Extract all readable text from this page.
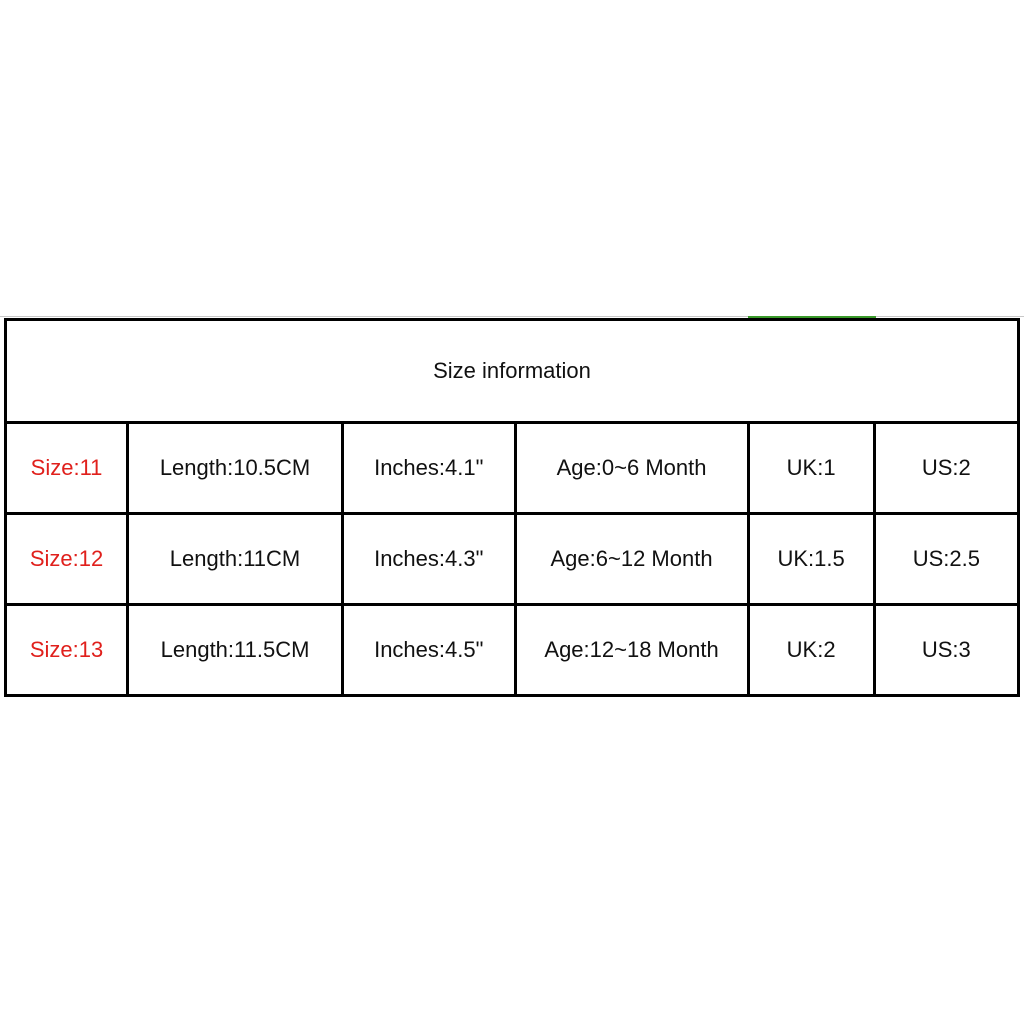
Size information					
Size:11	Length:10.5CM	Inches:4.1"	Age:0~6 Month	UK:1	US:2
Size:12	Length:11CM	Inches:4.3"	Age:6~12 Month	UK:1.5	US:2.5
Size:13	Length:11.5CM	Inches:4.5"	Age:12~18 Month	UK:2	US:3
